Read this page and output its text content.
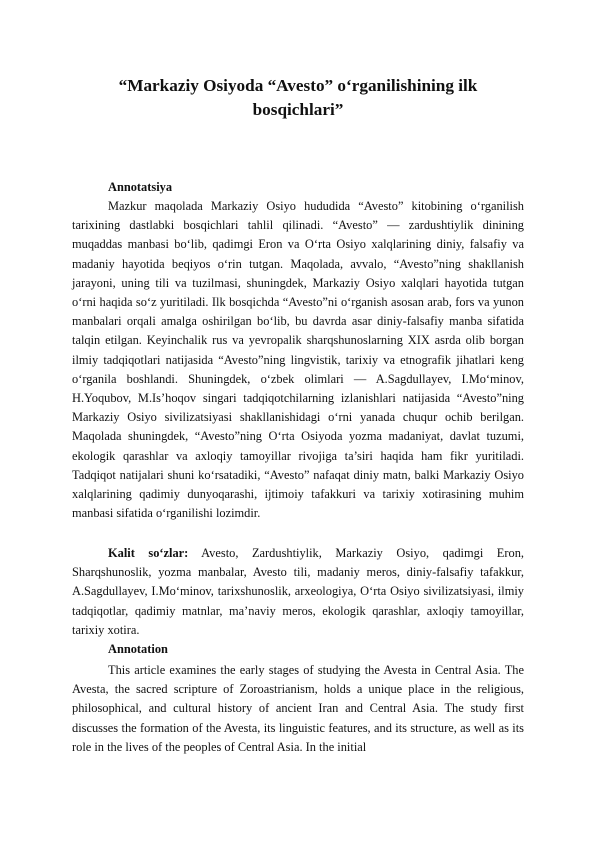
“Markaziy Osiyoda “Avesto” o‘rganilishining ilk bosqichlari”
Annotatsiya

Mazkur maqolada Markaziy Osiyo hududida “Avesto” kitobining o‘rganilish tarixining dastlabki bosqichlari tahlil qilinadi. “Avesto” — zardushtiylik dinining muqaddas manbasi bo‘lib, qadimgi Eron va O‘rta Osiyo xalqlarining diniy, falsafiy va madaniy hayotida beqiyos o‘rin tutgan. Maqolada, avvalo, “Avesto”ning shakllanish jarayoni, uning tili va tuzilmasi, shuningdek, Markaziy Osiyo xalqlari hayotida tutgan o‘rni haqida so‘z yuritiladi. Ilk bosqichda “Avesto”ni o‘rganish asosan arab, fors va yunon manbalari orqali amalga oshirilgan bo‘lib, bu davrda asar diniy-falsafiy manba sifatida talqin etilgan. Keyinchalik rus va yevropalik sharqshunoslarning XIX asrda olib borgan ilmiy tadqiqotlari natijasida “Avesto”ning lingvistik, tarixiy va etnografik jihatlari keng o‘rganila boshlandi. Shuningdek, o‘zbek olimlari — A.Sagdullayev, I.Mo‘minov, H.Yoqubov, M.Is’hoqov singari tadqiqotchilarning izlanishlari natijasida “Avesto”ning Markaziy Osiyo sivilizatsiyasi shakllanishidagi o‘rni yanada chuqur ochib berilgan. Maqolada shuningdek, “Avesto”ning O‘rta Osiyoda yozma madaniyat, davlat tuzumi, ekologik qarashlar va axloqiy tamoyillar rivojiga ta’siri haqida ham fikr yuritiladi. Tadqiqot natijalari shuni ko‘rsatadiki, “Avesto” nafaqat diniy matn, balki Markaziy Osiyo xalqlarining qadimiy dunyoqarashi, ijtimoiy tafakkuri va tarixiy xotirasining muhim manbasi sifatida o‘rganilishi lozimdir.

Kalit so‘zlar: Avesto, Zardushtiylik, Markaziy Osiyo, qadimgi Eron, Sharqshunoslik, yozma manbalar, Avesto tili, madaniy meros, diniy-falsafiy tafakkur, A.Sagdullayev, I.Mo‘minov, tarixshunoslik, arxeologiya, O‘rta Osiyo sivilizatsiyasi, ilmiy tadqiqotlar, qadimiy matnlar, ma’naviy meros, ekologik qarashlar, axloqiy tamoyillar, tarixiy xotira.

Annotation

This article examines the early stages of studying the Avesta in Central Asia. The Avesta, the sacred scripture of Zoroastrianism, holds a unique place in the religious, philosophical, and cultural history of ancient Iran and Central Asia. The study first discusses the formation of the Avesta, its linguistic features, and its structure, as well as its role in the lives of the peoples of Central Asia. In the initial
